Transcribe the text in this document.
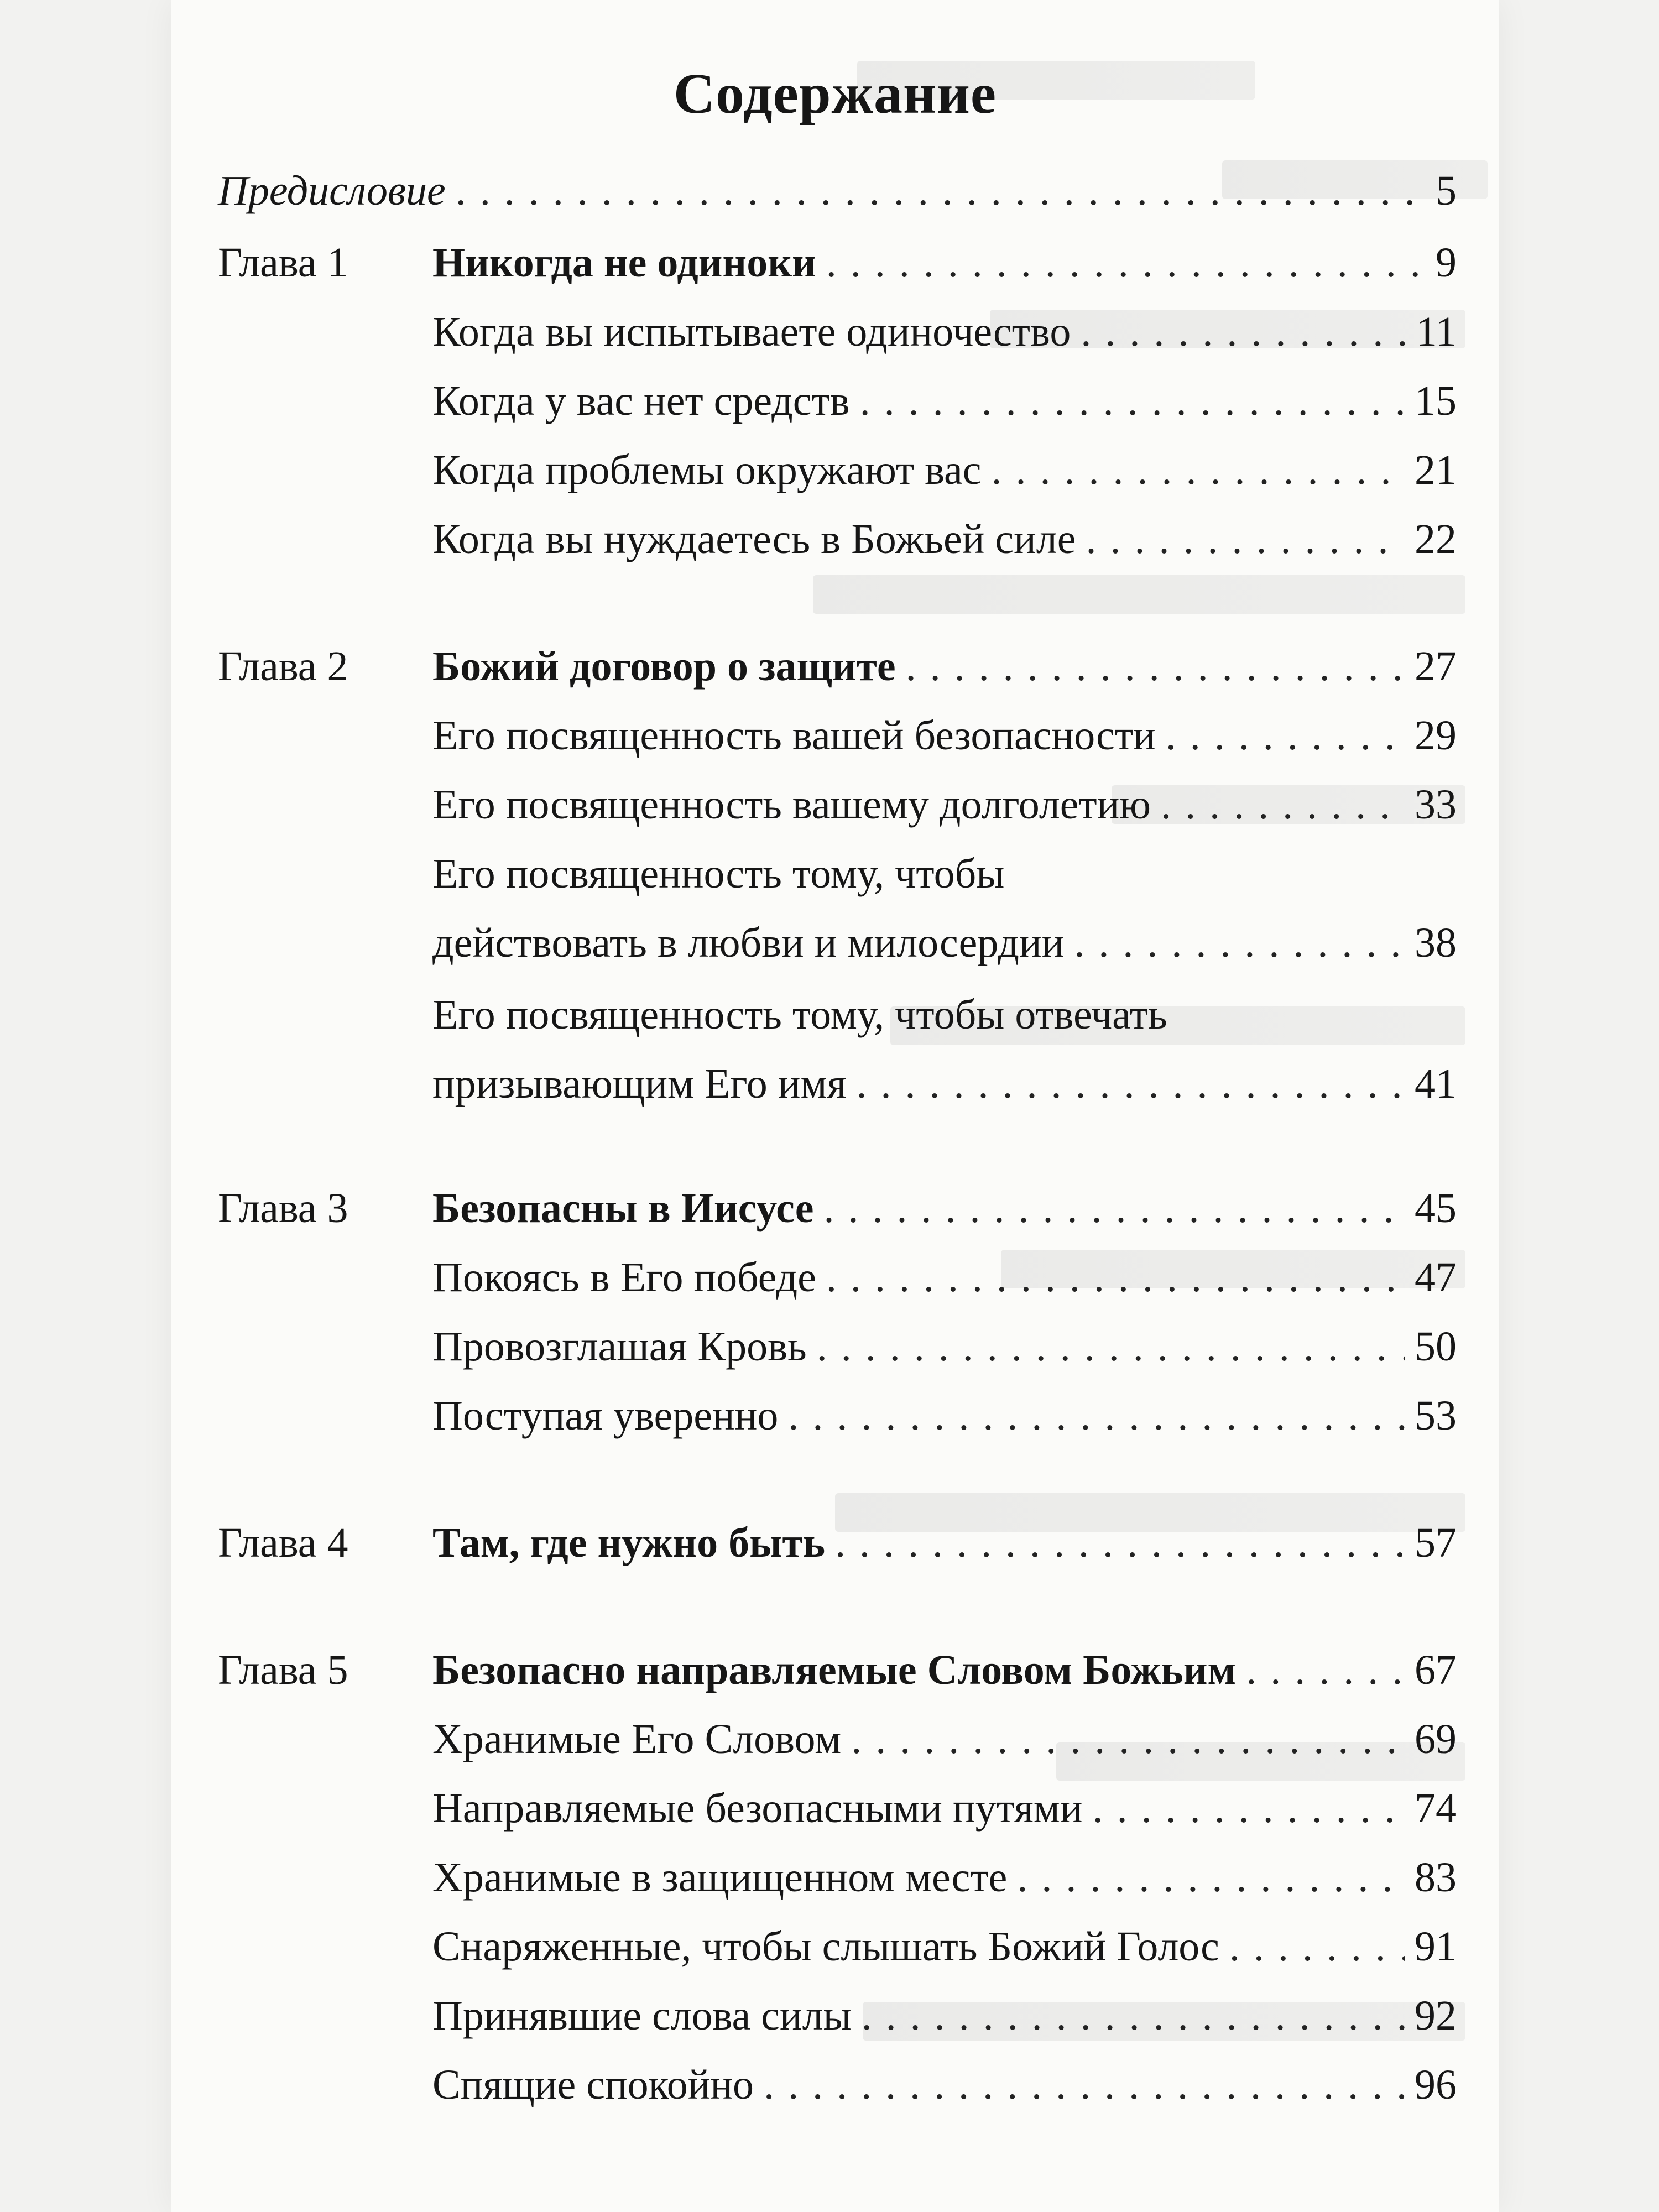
Содержание
Предисловие . . .	5
Глава 1 Никогда не одиноки . . .	9
Когда вы испытываете одиночество . . .	11
Когда у вас нет средств . . .	15
Когда проблемы окружают вас . . .	21
Когда вы нуждаетесь в Божьей силе . . .	22
Глава 2 Божий договор о защите . . .	27
Его посвященность вашей безопасности . . .	29
Его посвященность вашему долголетию . . .	33
Его посвященность тому, чтобы
действовать в любви и милосердии . . .	38
Его посвященность тому, чтобы отвечать
призывающим Его имя . . .	41
Глава 3 Безопасны в Иисусе . . .	45
Покоясь в Его победе . . .	47
Провозглашая Кровь . . .	50
Поступая уверенно . . .	53
Глава 4 Там, где нужно быть . . .	57
Глава 5 Безопасно направляемые Словом Божьим . . .	67
Хранимые Его Словом . . .	69
Направляемые безопасными путями . . .	74
Хранимые в защищенном месте . . .	83
Снаряженные, чтобы слышать Божий Голос . . .	91
Принявшие слова силы . . .	92
Спящие спокойно . . .	96
